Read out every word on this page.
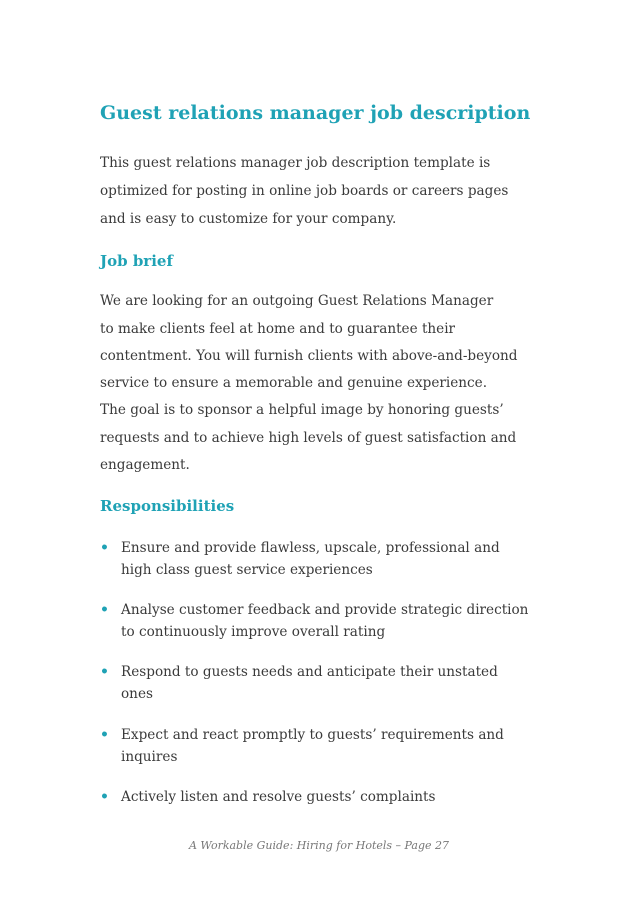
Guest relations manager job description

This guest relations manager job description template is

optimized for posting in online job boards or careers pages

and is easy to customize for your company.

Job brief

We are looking for an outgoing Guest Relations Manager

to make clients feel at home and to guarantee their

contentment. You will furnish clients with above-and-beyond

service to ensure a memorable and genuine experience.

The goal is to sponsor a helpful image by honoring guests’

requests and to achieve high levels of guest satisfaction and

engagement.

Responsibilities
• Ensure and provide flawless, upscale, professional and

high class guest service experiences

• Analyse customer feedback and provide strategic direction

to continuously improve overall rating

• Respond to guests needs and anticipate their unstated

ones

• Expect and react promptly to guests’ requirements and

inquires

• Actively listen and resolve guests’ complaints

A Workable Guide: Hiring for Hotels – Page 27
